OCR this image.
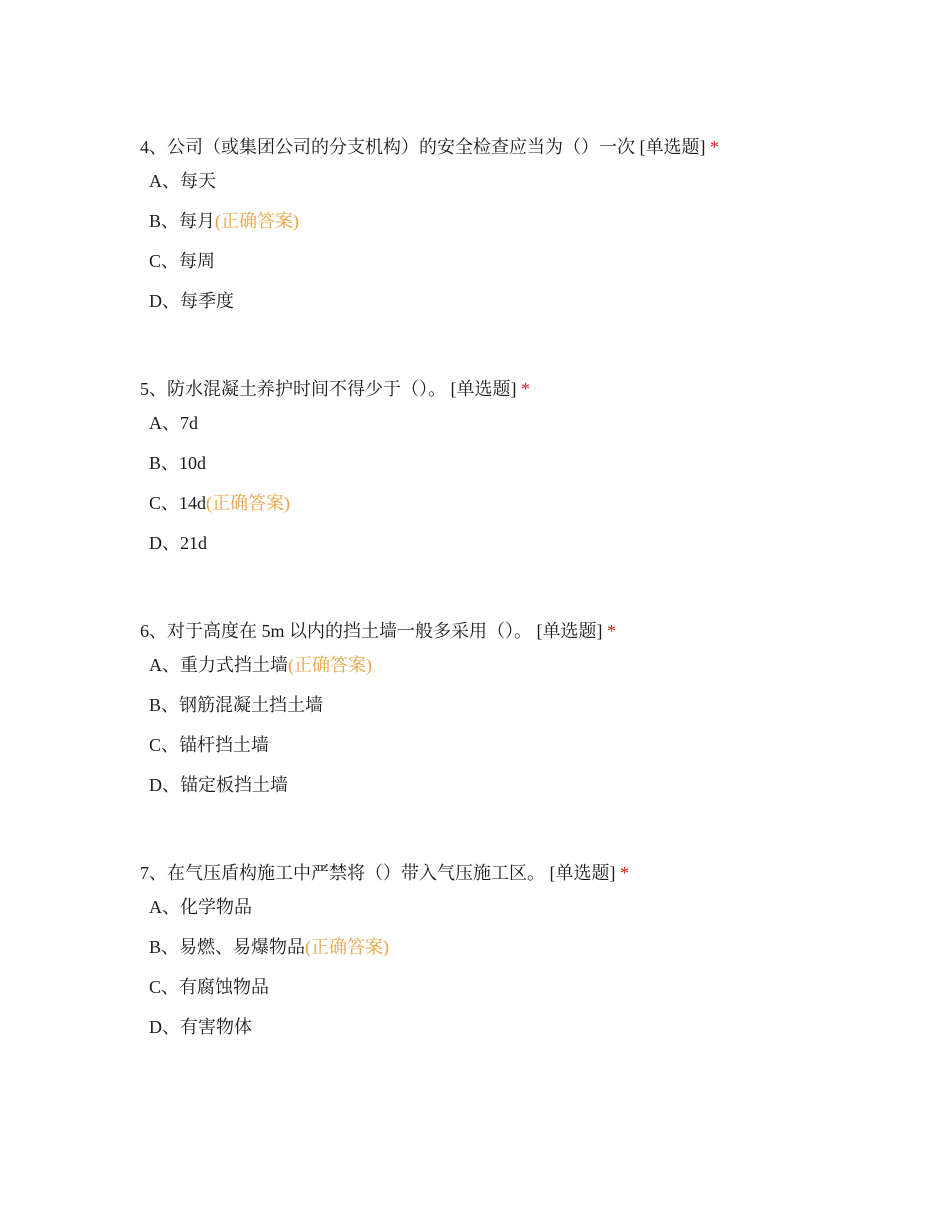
4、公司（或集团公司的分支机构）的安全检查应当为（）一次 [单选题] *

A、每天
B、每月(正确答案)
C、每周
D、每季度

5、防水混凝土养护时间不得少于（）。 [单选题] *

A、7d
B、10d
C、14d(正确答案)
D、21d

6、对于高度在 5m 以内的挡土墙一般多采用（）。 [单选题] *

A、重力式挡土墙(正确答案)
B、钢筋混凝土挡土墙
C、锚杆挡土墙
D、锚定板挡土墙

7、在气压盾构施工中严禁将（）带入气压施工区。 [单选题] *

A、化学物品
B、易燃、易爆物品(正确答案)
C、有腐蚀物品
D、有害物体
